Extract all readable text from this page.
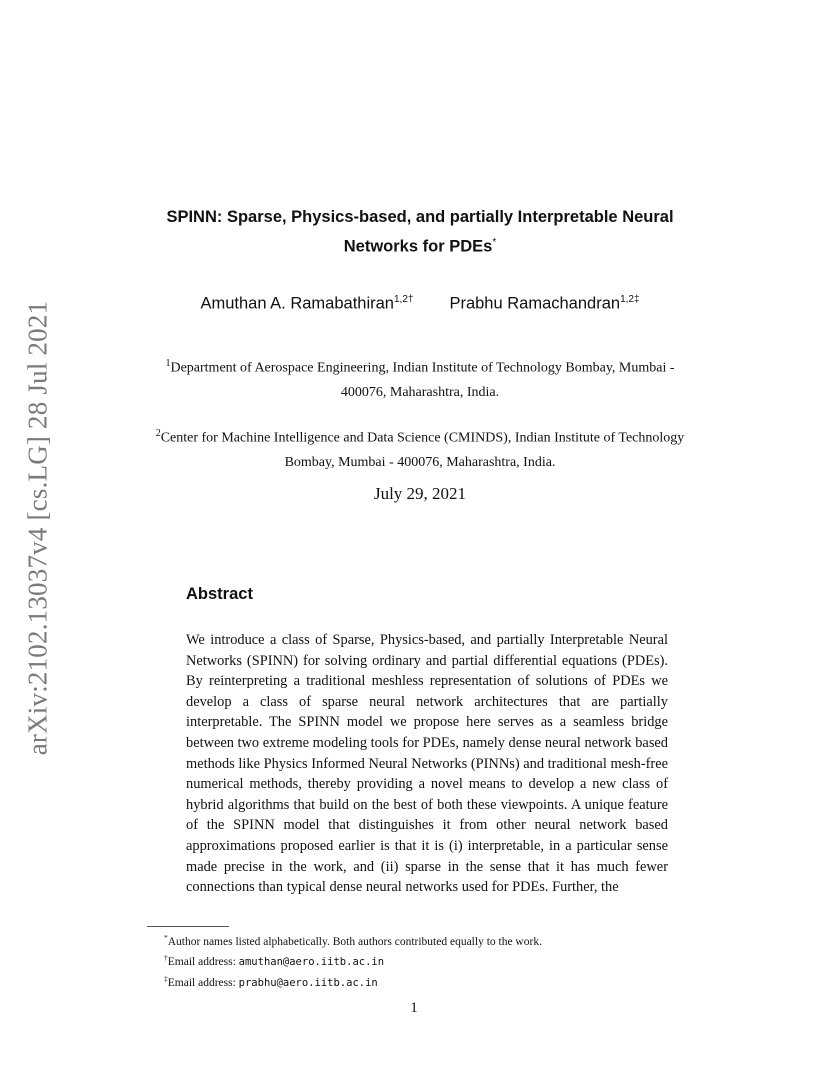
arXiv:2102.13037v4 [cs.LG] 28 Jul 2021
SPINN: Sparse, Physics-based, and partially Interpretable Neural
Networks for PDEs*
Amuthan A. Ramabathiran$^{1,2\dagger}$ Prabhu Ramachandran$^{1,2\ddagger}$
$^1$Department of Aerospace Engineering, Indian Institute of Technology Bombay, Mumbai -
400076, Maharashtra, India.
$^2$Center for Machine Intelligence and Data Science (CMINDS), Indian Institute of Technology
Bombay, Mumbai - 400076, Maharashtra, India.
July 29, 2021
Abstract
We introduce a class of Sparse, Physics-based, and partially Interpretable Neural Networks (SPINN) for solving ordinary and partial differential equations (PDEs). By reinterpreting a traditional meshless representation of solutions of PDEs we develop a class of sparse neural network architectures that are partially interpretable. The SPINN model we propose here serves as a seamless bridge between two extreme modeling tools for PDEs, namely dense neural network based methods like Physics Informed Neural Networks (PINNs) and traditional mesh-free numerical methods, thereby providing a novel means to develop a new class of hybrid algorithms that build on the best of both these viewpoints. A unique feature of the SPINN model that distinguishes it from other neural network based approximations proposed earlier is that it is (i) interpretable, in a particular sense made precise in the work, and (ii) sparse in the sense that it has much fewer connections than typical dense neural networks used for PDEs. Further, the
*Author names listed alphabetically. Both authors contributed equally to the work.
†Email address: amuthan@aero.iitb.ac.in
‡Email address: prabhu@aero.iitb.ac.in
1
